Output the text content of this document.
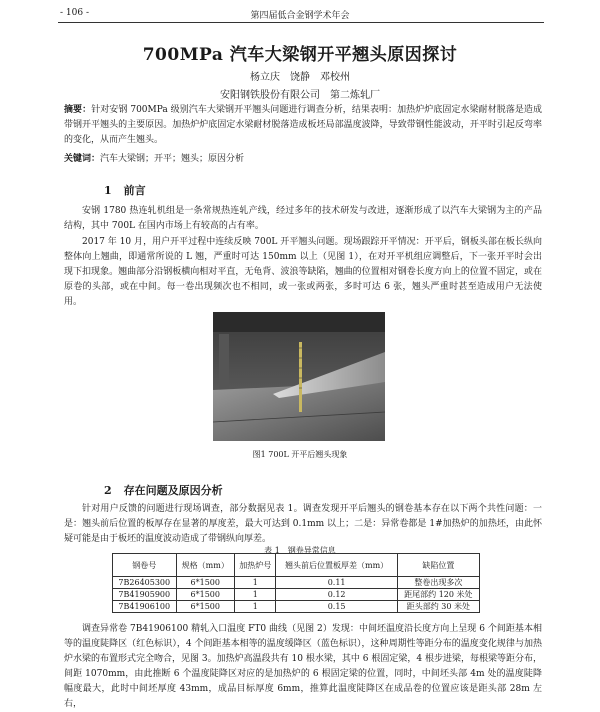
- 106 -	第四届低合金钢学术年会
700MPa 汽车大梁钢开平翘头原因探讨
杨立庆　饶静　邓校州
安阳钢铁股份有限公司　第二炼轧厂
摘要：针对安钢 700MPa 级别汽车大梁钢开平翘头问题进行调查分析，结果表明：加热炉炉底固定水梁耐材脱落是造成带钢开平翘头的主要原因。加热炉炉底固定水梁耐材脱落造成板坯局部温度波降，导致带钢性能波动，开平时引起反弯率的变化，从而产生翘头。
关键词：汽车大梁钢；开平；翘头；原因分析
1 前言
安钢 1780 热连轧机组是一条常规热连轧产线，经过多年的技术研发与改进，逐渐形成了以汽车大梁钢为主的产品结构，其中 700L 在国内市场上有较高的占有率。
2017 年 10 月，用户开平过程中连续反映 700L 开平翘头问题。现场跟踪开平情况：开平后，钢板头部在板长纵向整体向上翘曲，即通常所说的 L 翘，严重时可达 150mm 以上（见图 1），在对开平机组应调整后，下一张开平时会出现下扣现象。翘曲部分沿钢板横向相对平直，无龟背、波浪等缺陷，翘曲的位置相对钢卷长度方向上的位置不固定，或在原卷的头部，或在中间。每一卷出现频次也不相同，或一张或两张，多时可达 6 张，翘头严重时甚至造成用户无法使用。
图1 700L 开平后翘头现象
2 存在问题及原因分析
针对用户反馈的问题进行现场调查，部分数据见表 1。调查发现开平后翘头的钢卷基本存在以下两个共性问题：一是：翘头前后位置的板厚存在显著的厚度差，最大可达到 0.1mm 以上；二是：异常卷都是 1#加热炉的加热坯，由此怀疑可能是由于板坯的温度波动造成了带钢纵向厚差。
表 1　钢卷异常信息
钢卷号	规格（mm）	加热炉号	翘头前后位置板厚差（mm）	缺陷位置
7B26405300	6*1500	1	0.11	整卷出现多次
7B41905900	6*1500	1	0.12	距尾部约 120 米处
7B41906100	6*1500	1	0.15	距头部约 30 米处
调查异常卷 7B41906100 精轧入口温度 FT0 曲线（见图 2）发现：中间坯温度沿长度方向上呈现 6 个间距基本相等的温度陡降区（红色标识），4 个间距基本相等的温度缓降区（蓝色标识），这种周期性等距分布的温度变化规律与加热炉水梁的布置形式完全吻合，见图 3。加热炉高温段共有 10 根水梁，其中 6 根固定梁，4 根步进梁，每根梁等距分布，间距 1070mm，由此推断 6 个温度陡降区对应的是加热炉的 6 根固定梁的位置，同时，中间坯头部 4m 处的温度陡降幅度最大，此时中间坯厚度 43mm，成品目标厚度 6mm，推算此温度陡降区在成品卷的位置应该是距头部 28m 左右，
